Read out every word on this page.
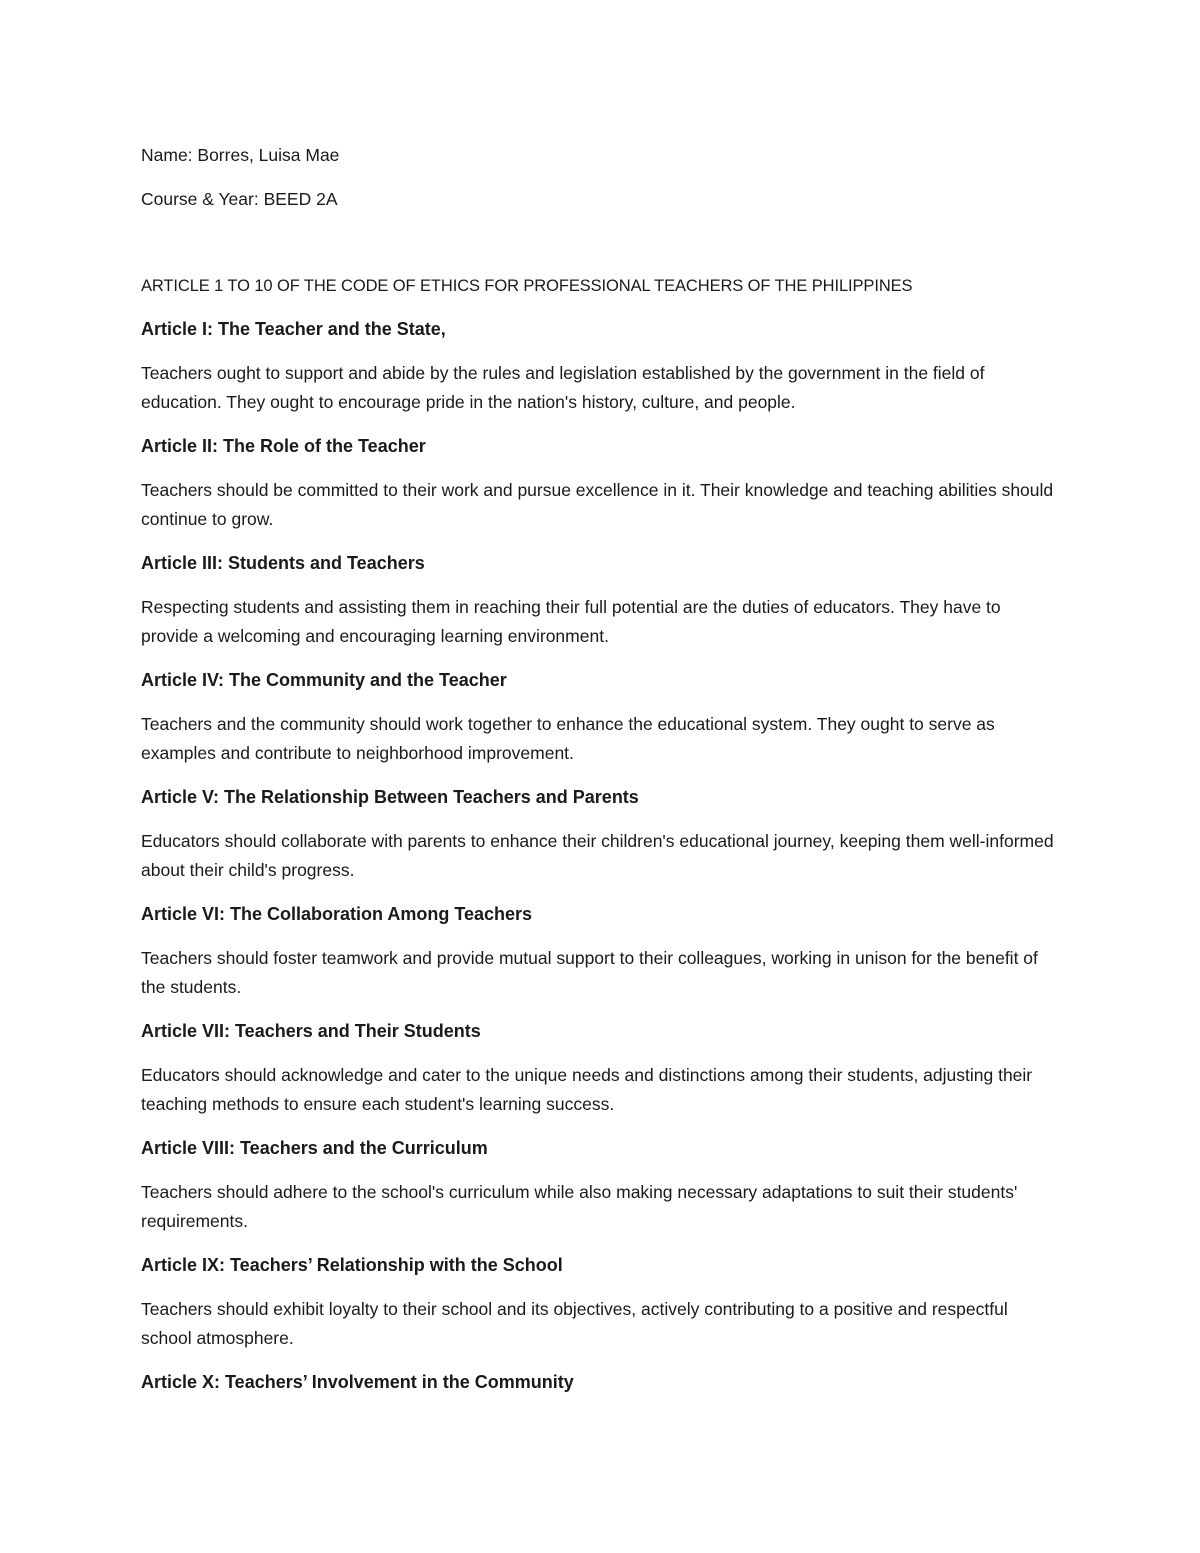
Name: Borres, Luisa Mae

Course & Year: BEED 2A

ARTICLE 1 TO 10 OF THE CODE OF ETHICS FOR PROFESSIONAL TEACHERS OF THE PHILIPPINES

Article I: The Teacher and the State,

Teachers ought to support and abide by the rules and legislation established by the government in the field of education. They ought to encourage pride in the nation's history, culture, and people.

Article II: The Role of the Teacher

Teachers should be committed to their work and pursue excellence in it. Their knowledge and teaching abilities should continue to grow.

Article III: Students and Teachers

Respecting students and assisting them in reaching their full potential are the duties of educators. They have to provide a welcoming and encouraging learning environment.

Article IV: The Community and the Teacher

Teachers and the community should work together to enhance the educational system. They ought to serve as examples and contribute to neighborhood improvement.

Article V: The Relationship Between Teachers and Parents

Educators should collaborate with parents to enhance their children's educational journey, keeping them well-informed about their child's progress.

Article VI: The Collaboration Among Teachers

Teachers should foster teamwork and provide mutual support to their colleagues, working in unison for the benefit of the students.

Article VII: Teachers and Their Students

Educators should acknowledge and cater to the unique needs and distinctions among their students, adjusting their teaching methods to ensure each student's learning success.

Article VIII: Teachers and the Curriculum

Teachers should adhere to the school's curriculum while also making necessary adaptations to suit their students' requirements.

Article IX: Teachers’ Relationship with the School

Teachers should exhibit loyalty to their school and its objectives, actively contributing to a positive and respectful school atmosphere.

Article X: Teachers’ Involvement in the Community
